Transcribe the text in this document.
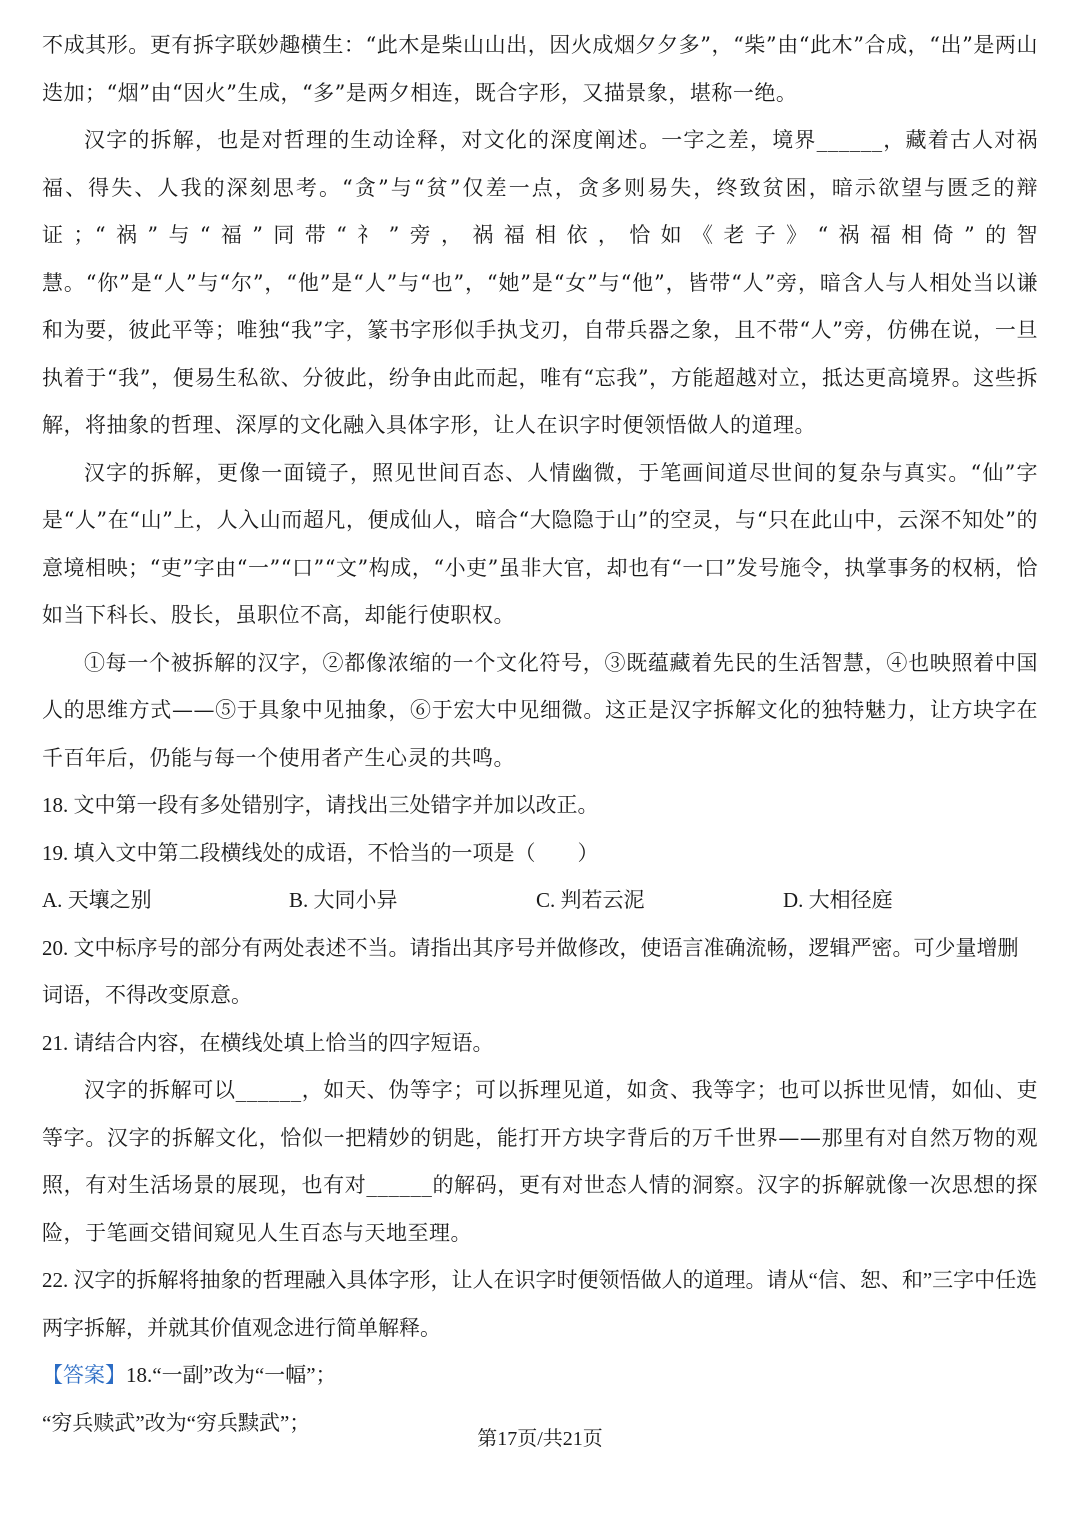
不成其形。更有拆字联妙趣横生：“此木是柴山山出，因火成烟夕夕多”，“柴”由“此木”合成，“出”是两山迭加；“烟”由“因火”生成，“多”是两夕相连，既合字形，又描景象，堪称一绝。

汉字的拆解，也是对哲理的生动诠释，对文化的深度阐述。一字之差，境界______，藏着古人对祸福、得失、人我的深刻思考。“贪”与“贫”仅差一点，贪多则易失，终致贫困，暗示欲望与匮乏的辩证；“祸”与“福”同带“礻”旁，祸福相依，恰如《老子》“祸福相倚”的智慧。“你”是“人”与“尔”，“他”是“人”与“也”，“她”是“女”与“他”，皆带“人”旁，暗含人与人相处当以谦和为要，彼此平等；唯独“我”字，篆书字形似手执戈刃，自带兵器之象，且不带“人”旁，仿佛在说，一旦执着于“我”，便易生私欲、分彼此，纷争由此而起，唯有“忘我”，方能超越对立，抵达更高境界。这些拆解，将抽象的哲理、深厚的文化融入具体字形，让人在识字时便领悟做人的道理。

汉字的拆解，更像一面镜子，照见世间百态、人情幽微，于笔画间道尽世间的复杂与真实。“仙”字是“人”在“山”上，人入山而超凡，便成仙人，暗合“大隐隐于山”的空灵，与“只在此山中，云深不知处”的意境相映；“吏”字由“一”“口”“文”构成，“小吏”虽非大官，却也有“一口”发号施令，执掌事务的权柄，恰如当下科长、股长，虽职位不高，却能行使职权。

①每一个被拆解的汉字，②都像浓缩的一个文化符号，③既蕴藏着先民的生活智慧，④也映照着中国人的思维方式——⑤于具象中见抽象，⑥于宏大中见细微。这正是汉字拆解文化的独特魅力，让方块字在千百年后，仍能与每一个使用者产生心灵的共鸣。

18. 文中第一段有多处错别字，请找出三处错字并加以改正。

19. 填入文中第二段横线处的成语，不恰当的一项是（　　）

A. 天壤之别	B. 大同小异	C. 判若云泥	D. 大相径庭

20. 文中标序号的部分有两处表述不当。请指出其序号并做修改，使语言准确流畅，逻辑严密。可少量增删词语，不得改变原意。

21. 请结合内容，在横线处填上恰当的四字短语。

汉字的拆解可以______，如天、伪等字；可以拆理见道，如贪、我等字；也可以拆世见情，如仙、吏等字。汉字的拆解文化，恰似一把精妙的钥匙，能打开方块字背后的万千世界——那里有对自然万物的观照，有对生活场景的展现，也有对______的解码，更有对世态人情的洞察。汉字的拆解就像一次思想的探险，于笔画交错间窥见人生百态与天地至理。

22. 汉字的拆解将抽象的哲理融入具体字形，让人在识字时便领悟做人的道理。请从“信、恕、和”三字中任选两字拆解，并就其价值观念进行简单解释。

【答案】18.“一副”改为“一幅”；

“穷兵赎武”改为“穷兵黩武”；

第17页/共21页
